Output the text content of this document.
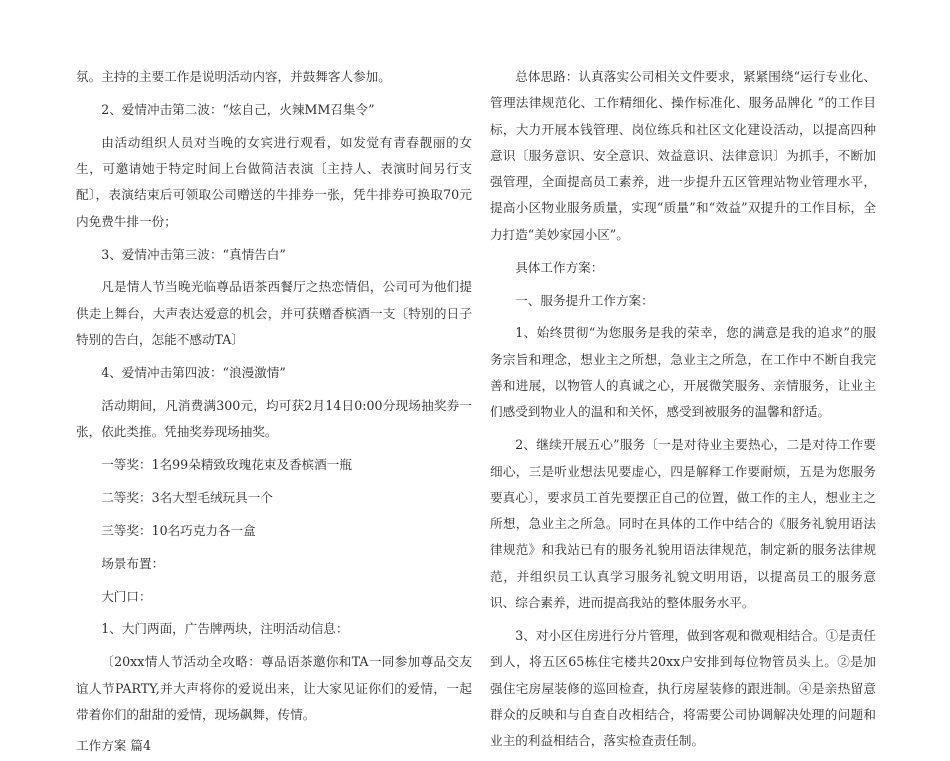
氛。主持的主要工作是说明活动内容，并鼓舞客人参加。

2、爱情冲击第二波：“炫自己，火辣MM召集令”

由活动组织人员对当晚的女宾进行观看，如发觉有青春靓丽的女生，可邀请她于特定时间上台做简洁表演〔主持人、表演时间另行支配〕，表演结束后可领取公司赠送的牛排券一张，凭牛排券可换取70元内免费牛排一份；

3、爱情冲击第三波：“真情告白”

凡是情人节当晚光临尊品语茶西餐厅之热恋情侣，公司可为他们提供走上舞台，大声表达爱意的机会，并可获赠香槟酒一支〔特别的日子特别的告白，怎能不感动TA〕

4、爱情冲击第四波：“浪漫激情”

活动期间，凡消费满300元，均可获2月14日0:00分现场抽奖券一张，依此类推。凭抽奖券现场抽奖。

一等奖：1名99朵精致玫瑰花束及香槟酒一瓶

二等奖：3名大型毛绒玩具一个

三等奖：10名巧克力各一盒

场景布置：

大门口：

1、大门两面，广告牌两块，注明活动信息：

〔20xx情人节活动全攻略：尊品语茶邀你和TA一同参加尊品交友谊人节PARTY,并大声将你的爱说出来，让大家见证你们的爱情，一起带着你们的甜甜的爱情，现场飙舞，传情。

工作方案 篇4

总体思路：认真落实公司相关文件要求，紧紧围绕“运行专业化、管理法律规范化、工作精细化、操作标准化、服务品牌化 ”的工作目标，大力开展本钱管理、岗位练兵和社区文化建设活动，以提高四种意识〔服务意识、安全意识、效益意识、法律意识〕为抓手，不断加强管理，全面提高员工素养，进一步提升五区管理站物业管理水平，提高小区物业服务质量，实现“质量”和“效益”双提升的工作目标，全力打造“美妙家园小区”。

具体工作方案：

一、服务提升工作方案：

1、始终贯彻“为您服务是我的荣幸，您的满意是我的追求”的服务宗旨和理念，想业主之所想，急业主之所急，在工作中不断自我完善和进展，以物管人的真诚之心，开展微笑服务、亲情服务，让业主们感受到物业人的温和和关怀，感受到被服务的温馨和舒适。

2、继续开展五心”服务〔一是对待业主要热心，二是对待工作要细心，三是听业想法见要虚心，四是解释工作要耐烦，五是为您服务要真心〕，要求员工首先要摆正自己的位置，做工作的主人，想业主之所想，急业主之所急。同时在具体的工作中结合的《服务礼貌用语法律规范》和我站已有的服务礼貌用语法律规范，制定新的服务法律规范，并组织员工认真学习服务礼貌文明用语，以提高员工的服务意识、综合素养，进而提高我站的整体服务水平。

3、对小区住房进行分片管理，做到客观和微观相结合。①是责任到人，将五区65栋住宅楼共20xx户安排到每位物管员头上。②是加强住宅房屋装修的巡回检查，执行房屋装修的跟进制。④是亲热留意群众的反映和与自查自改相结合，将需要公司协调解决处理的问题和业主的利益相结合，落实检查责任制。
